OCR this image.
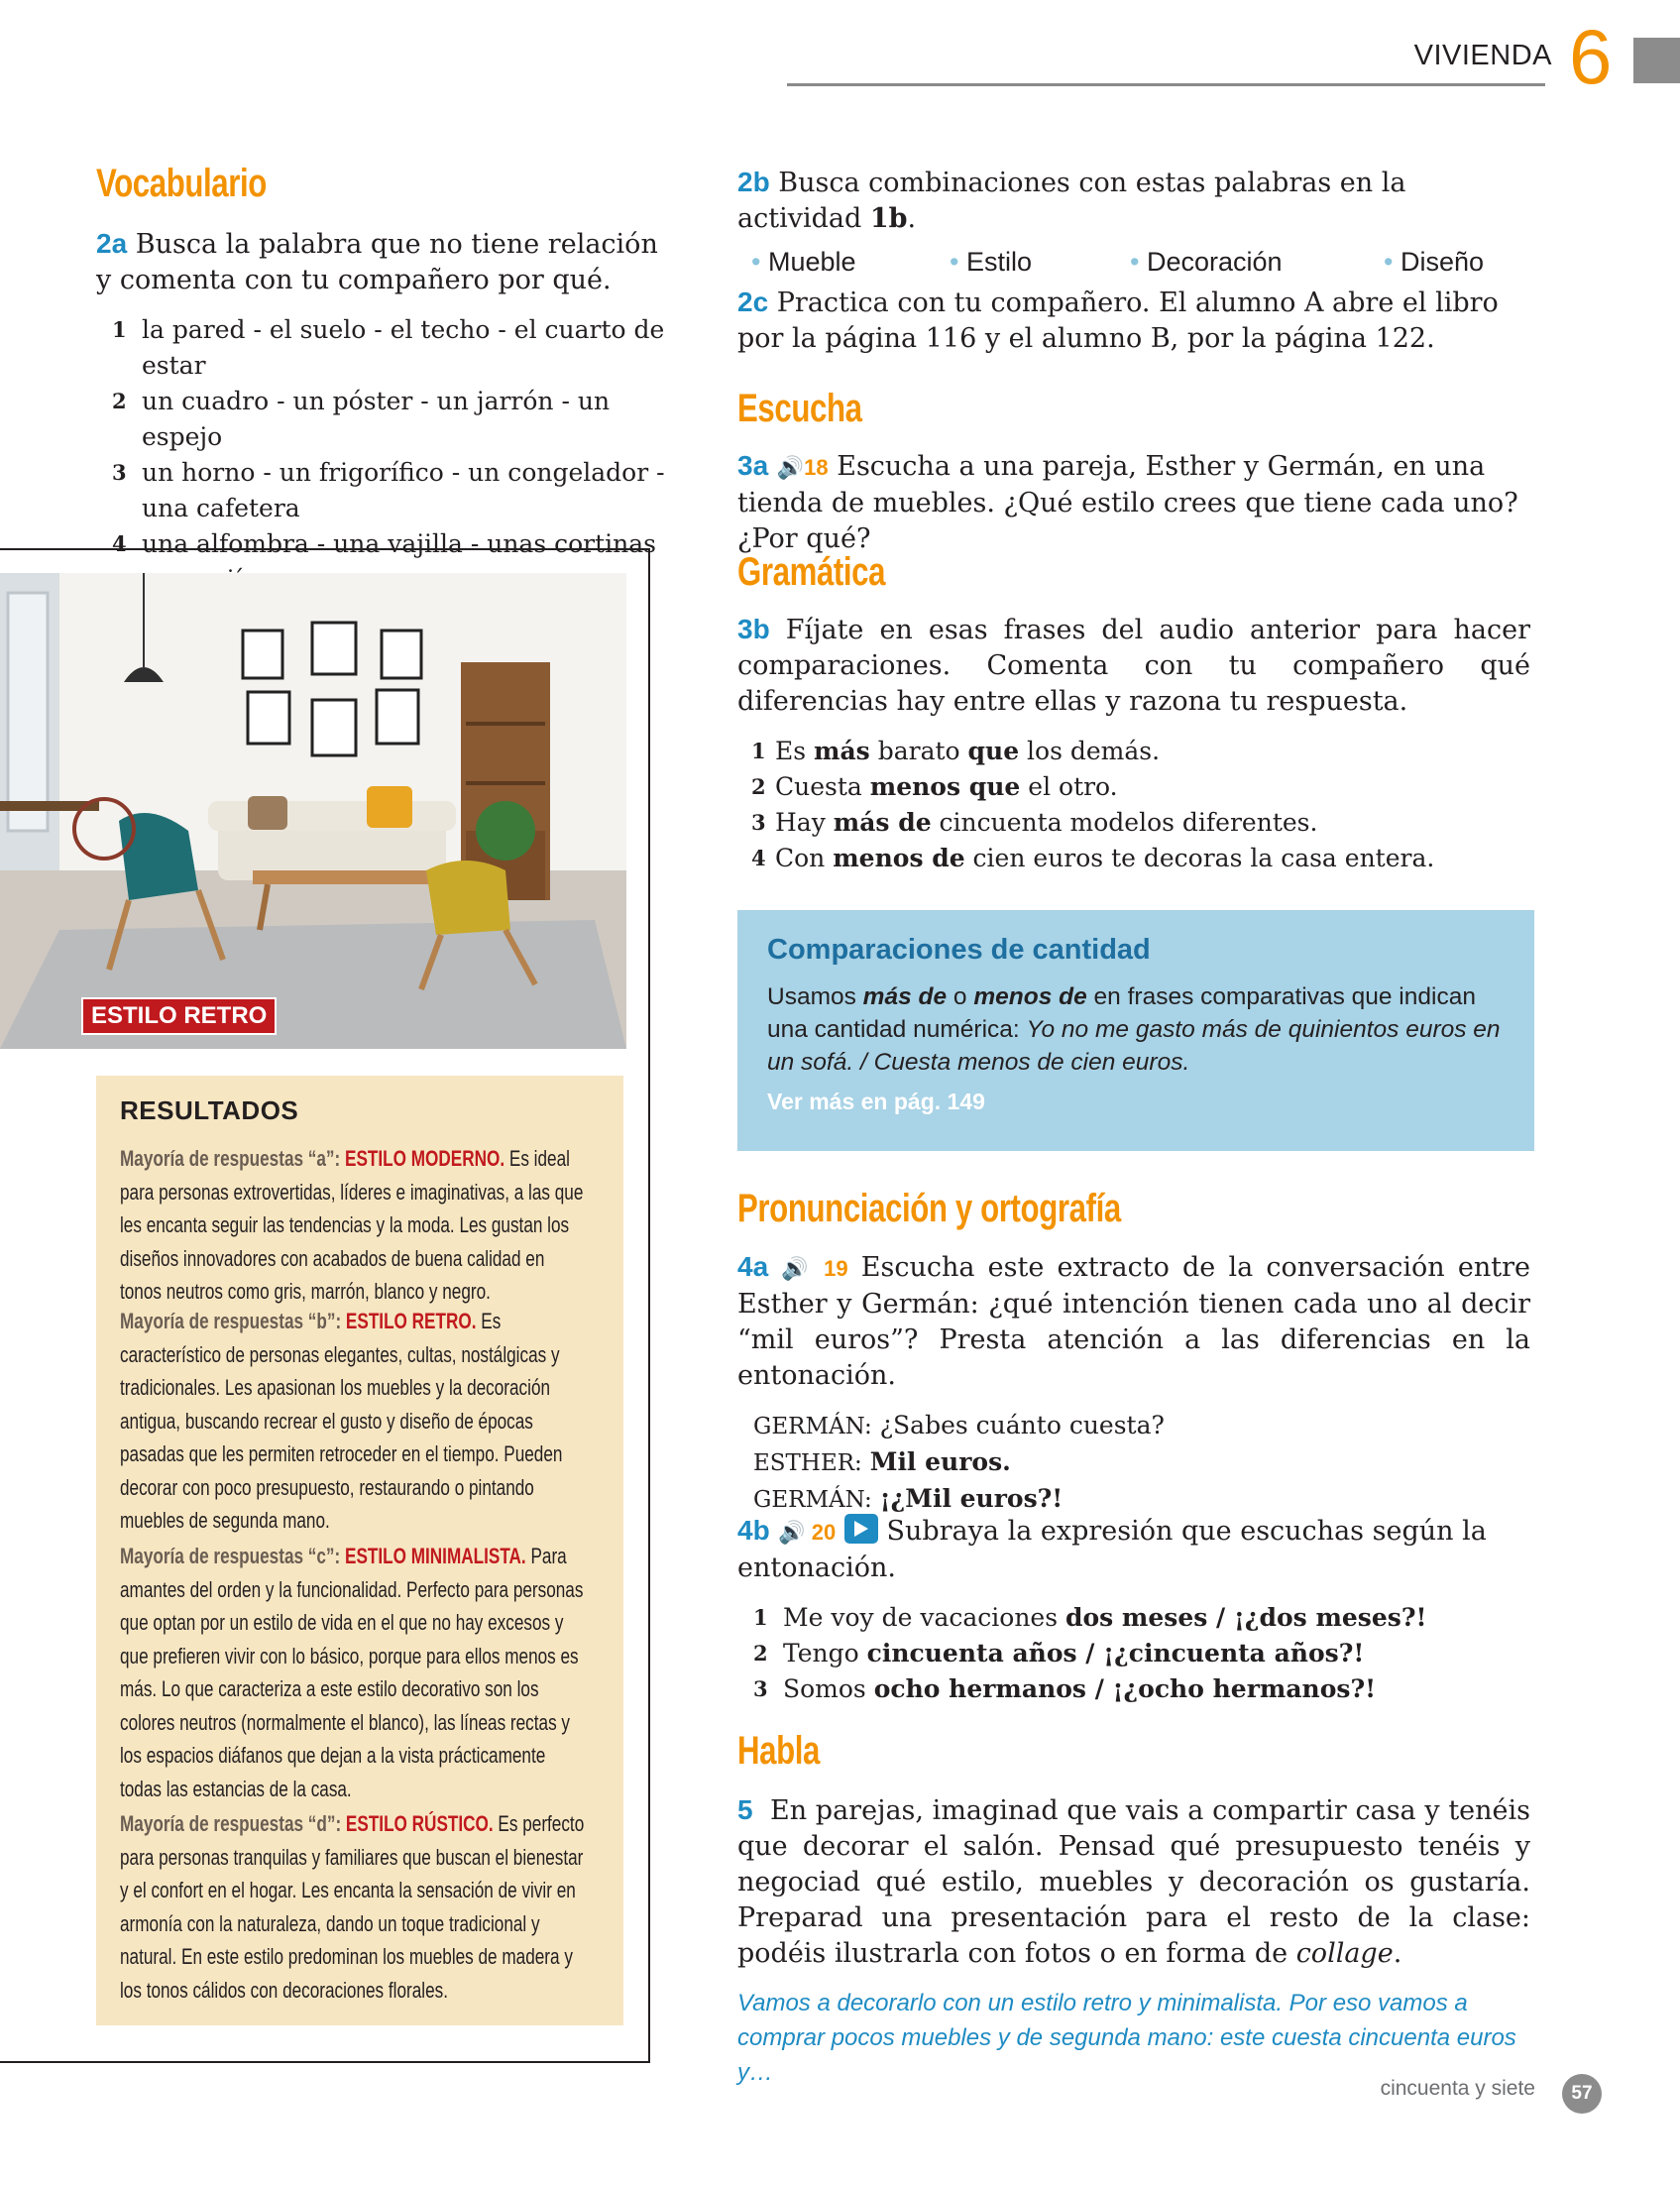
VIVIENDA 6
Vocabulario

2a Busca la palabra que no tiene relación y comenta con tu compañero por qué.

1 la pared - el suelo - el techo - el cuarto de estar
2 un cuadro - un póster - un jarrón - un espejo
3 un horno - un frigorífico - un congelador - una cafetera
4 una alfombra - una vajilla - unas cortinas
ESTILO RETRO
RESULTADOS

Mayoría de respuestas “a”: ESTILO MODERNO. Es ideal para personas extrovertidas, líderes e imaginativas, a las que les encanta seguir las tendencias y la moda. Les gustan los diseños innovadores con acabados de buena calidad en tonos neutros como gris, marrón, blanco y negro.

Mayoría de respuestas “b”: ESTILO RETRO. Es característico de personas elegantes, cultas, nostálgicas y tradicionales. Les apasionan los muebles y la decoración antigua, buscando recrear el gusto y diseño de épocas pasadas que les permiten retroceder en el tiempo. Pueden decorar con poco presupuesto, restaurando o pintando muebles de segunda mano.

Mayoría de respuestas “c”: ESTILO MINIMALISTA. Para amantes del orden y la funcionalidad. Perfecto para personas que optan por un estilo de vida en el que no hay excesos y que prefieren vivir con lo básico, porque para ellos menos es más. Lo que caracteriza a este estilo decorativo son los colores neutros (normalmente el blanco), las líneas rectas y los espacios diáfanos que dejan a la vista prácticamente todas las estancias de la casa.

Mayoría de respuestas “d”: ESTILO RÚSTICO. Es perfecto para personas tranquilas y familiares que buscan el bienestar y el confort en el hogar. Les encanta la sensación de vivir en armonía con la naturaleza, dando un toque tradicional y natural. En este estilo predominan los muebles de madera y los tonos cálidos con decoraciones florales.

2b Busca combinaciones con estas palabras en la actividad 1b.

• Mueble	• Estilo	• Decoración	• Diseño

2c Practica con tu compañero. El alumno A abre el libro por la página 116 y el alumno B, por la página 122.

Escucha

3a 🔊18 Escucha a una pareja, Esther y Germán, en una tienda de muebles. ¿Qué estilo crees que tiene cada uno? ¿Por qué?

Gramática

3b Fíjate en esas frases del audio anterior para hacer comparaciones. Comenta con tu compañero qué diferencias hay entre ellas y razona tu respuesta.

1 Es más barato que los demás.
2 Cuesta menos que el otro.
3 Hay más de cincuenta modelos diferentes.
4 Con menos de cien euros te decoras la casa entera.
Comparaciones de cantidad
Usamos más de o menos de en frases comparativas que indican una cantidad numérica: Yo no me gasto más de quinientos euros en un sofá. / Cuesta menos de cien euros.
Ver más en pág. 149
Pronunciación y ortografía

4a 🔊 19 Escucha este extracto de la conversación entre Esther y Germán: ¿qué intención tienen cada uno al decir “mil euros”? Presta atención a las diferencias en la entonación.

GERMÁN: ¿Sabes cuánto cuesta?
ESTHER: Mil euros.
GERMÁN: ¡¿Mil euros?!

4b 🔊 20 Subraya la expresión que escuchas según la entonación.

1 Me voy de vacaciones dos meses / ¡¿dos meses?!
2 Tengo cincuenta años / ¡¿cincuenta años?!
3 Somos ocho hermanos / ¡¿ocho hermanos?!
Habla

5 En parejas, imaginad que vais a compartir casa y tenéis que decorar el salón. Pensad qué presupuesto tenéis y negociad qué estilo, muebles y decoración os gustaría. Preparad una presentación para el resto de la clase: podéis ilustrarla con fotos o en forma de collage.

Vamos a decorarlo con un estilo retro y minimalista. Por eso vamos a comprar pocos muebles y de segunda mano: este cuesta cincuenta euros y…

cincuenta y siete	57
